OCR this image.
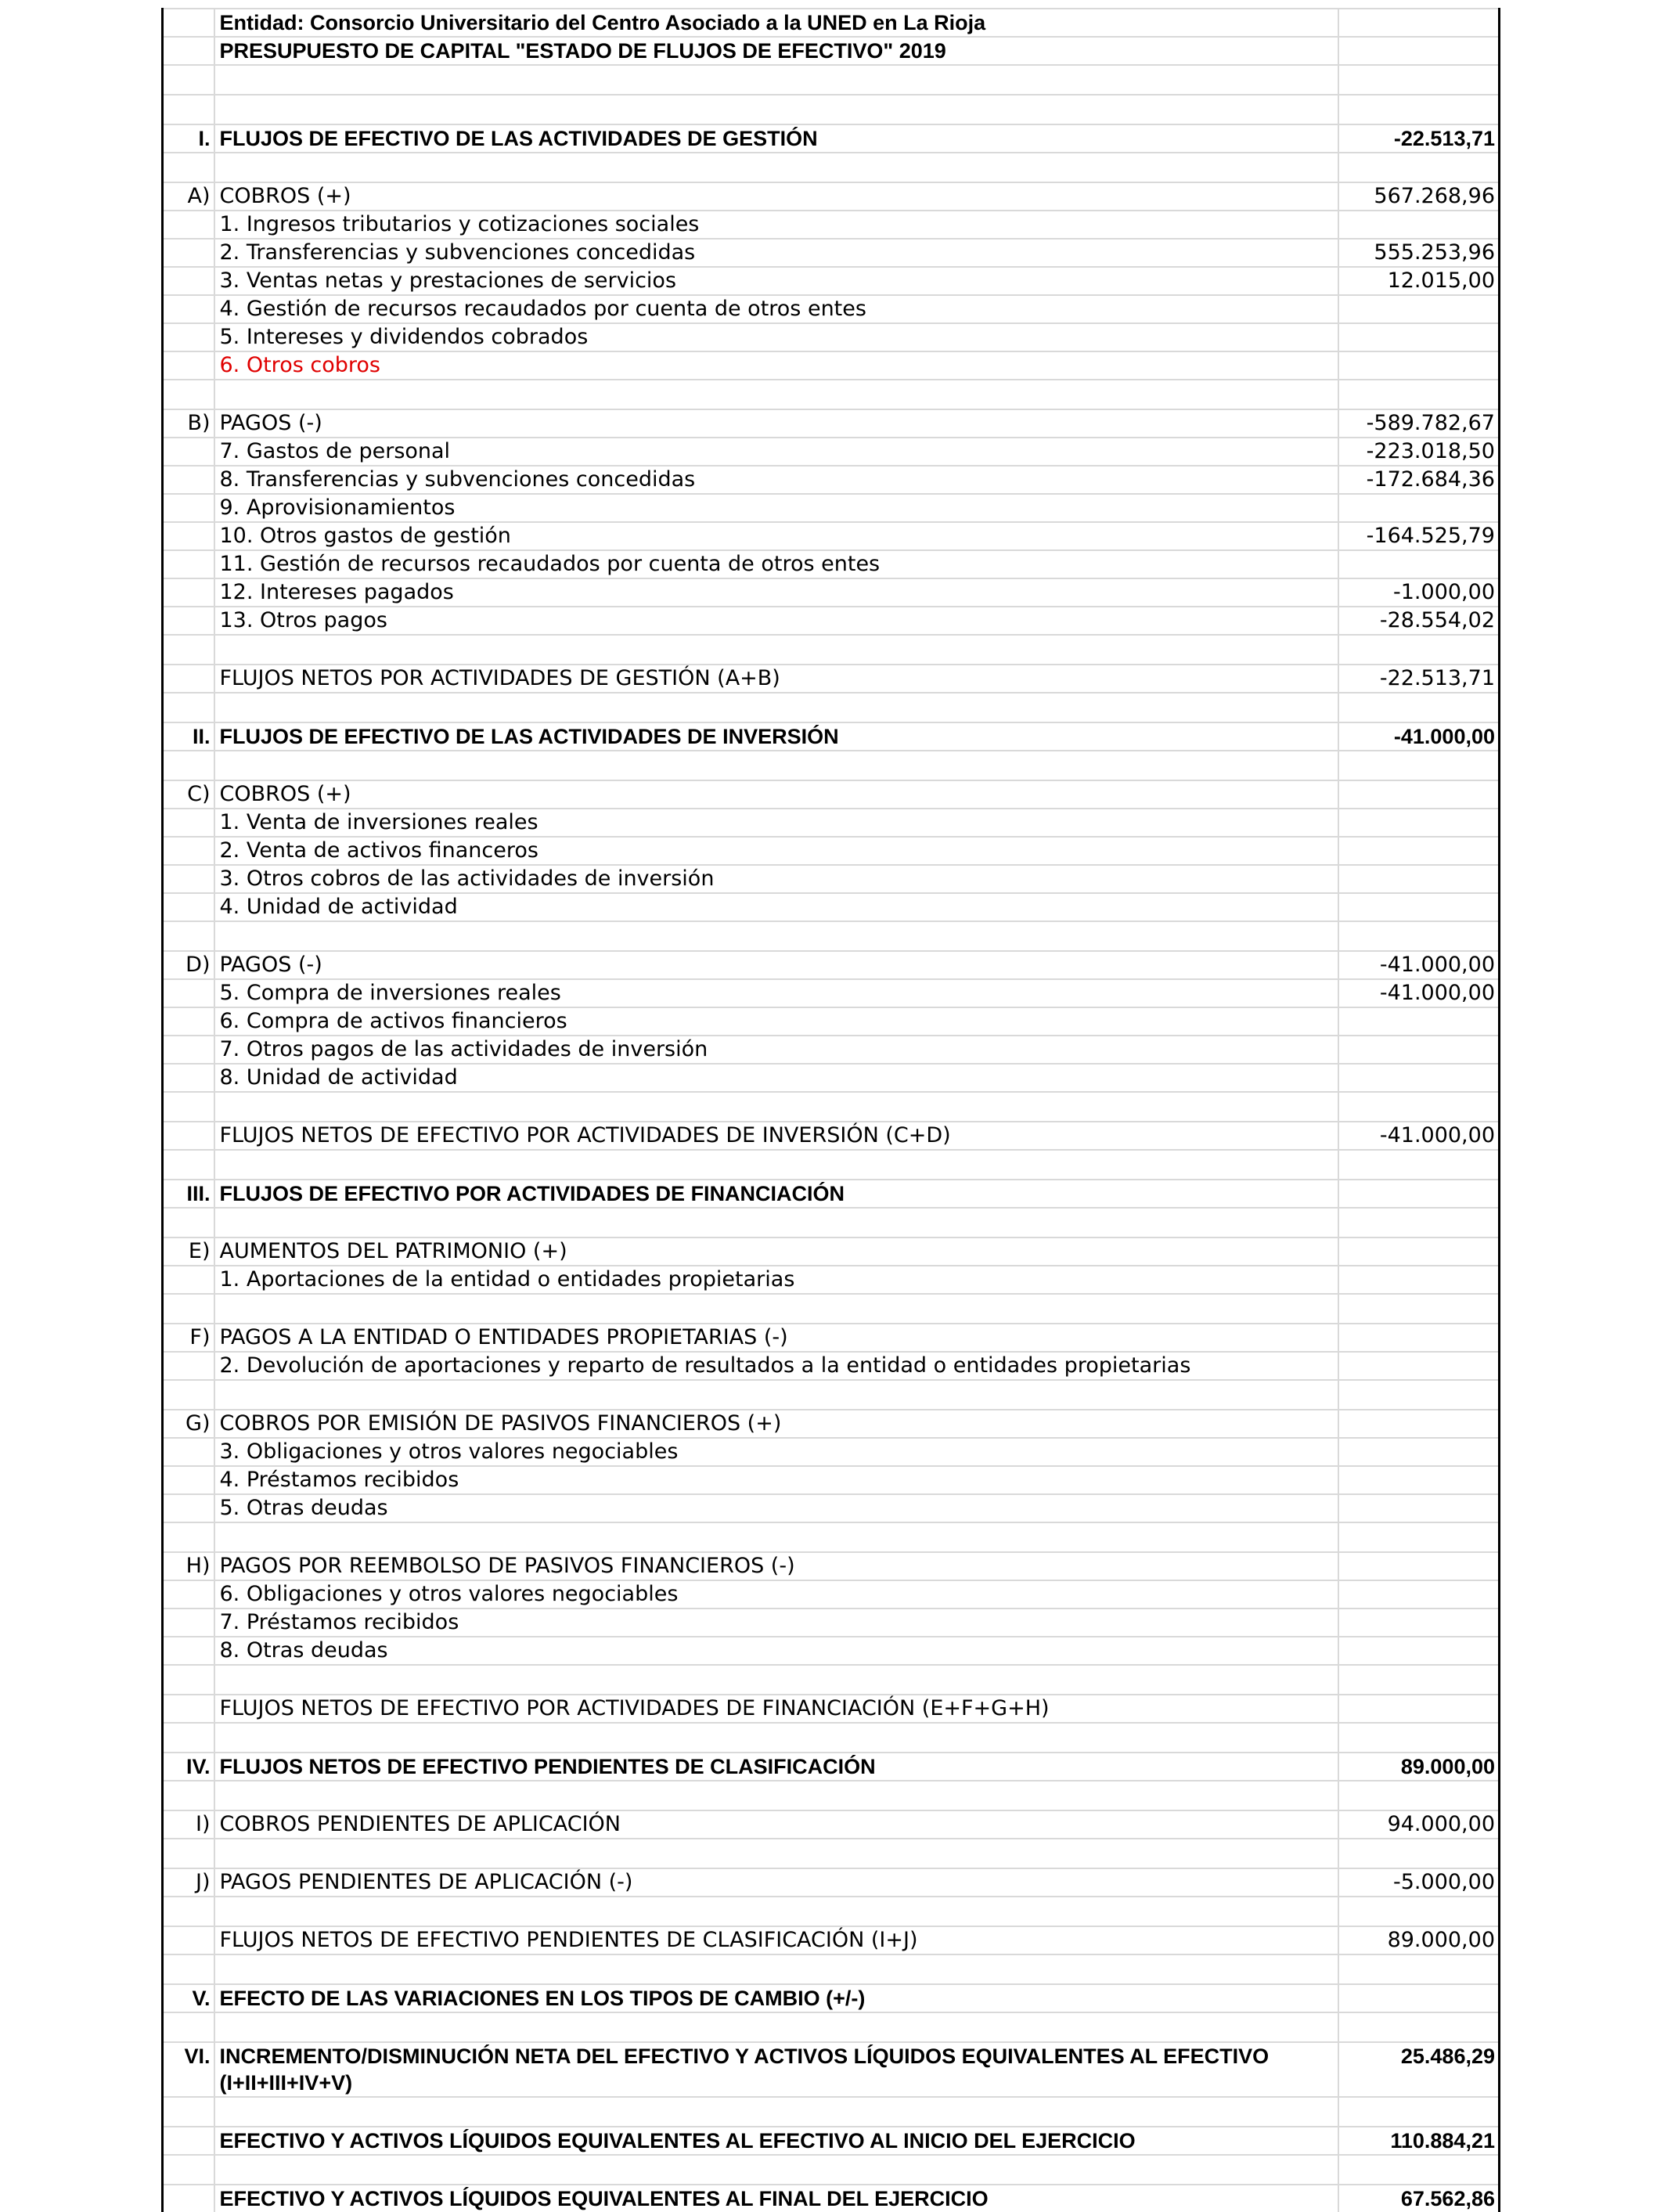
	Entidad: Consorcio Universitario del Centro Asociado a la UNED en La Rioja	
	PRESUPUESTO DE CAPITAL "ESTADO DE FLUJOS DE EFECTIVO" 2019	

I.	FLUJOS DE EFECTIVO DE LAS ACTIVIDADES DE GESTIÓN	-22.513,71

A)	COBROS (+)	567.268,96
	1. Ingresos tributarios y cotizaciones sociales	
	2. Transferencias y subvenciones concedidas	555.253,96
	3. Ventas netas y prestaciones de servicios	12.015,00
	4. Gestión de recursos recaudados por cuenta de otros entes	
	5. Intereses y dividendos cobrados	
	6. Otros cobros	

B)	PAGOS (-)	-589.782,67
	7. Gastos de personal	-223.018,50
	8. Transferencias y subvenciones concedidas	-172.684,36
	9. Aprovisionamientos	
	10. Otros gastos de gestión	-164.525,79
	11. Gestión de recursos recaudados por cuenta de otros entes	
	12. Intereses pagados	-1.000,00
	13. Otros pagos	-28.554,02

	FLUJOS NETOS POR ACTIVIDADES DE GESTIÓN (A+B)	-22.513,71

II.	FLUJOS DE EFECTIVO DE LAS ACTIVIDADES DE INVERSIÓN	-41.000,00

C)	COBROS (+)	
	1. Venta de inversiones reales	
	2. Venta de activos financeros	
	3. Otros cobros de las actividades de inversión	
	4. Unidad de actividad	

D)	PAGOS (-)	-41.000,00
	5. Compra de inversiones reales	-41.000,00
	6. Compra de activos financieros	
	7. Otros pagos de las actividades de inversión	
	8. Unidad de actividad	

	FLUJOS NETOS DE EFECTIVO POR ACTIVIDADES DE INVERSIÓN (C+D)	-41.000,00

III.	FLUJOS DE EFECTIVO POR ACTIVIDADES DE FINANCIACIÓN	

E)	AUMENTOS DEL PATRIMONIO (+)	
	1. Aportaciones de la entidad o entidades propietarias	

F)	PAGOS A LA ENTIDAD O ENTIDADES PROPIETARIAS (-)	
	2. Devolución de aportaciones y reparto de resultados a la entidad o entidades propietarias	

G)	COBROS POR EMISIÓN DE PASIVOS FINANCIEROS (+)	
	3. Obligaciones y otros valores negociables	
	4. Préstamos recibidos	
	5. Otras deudas	

H)	PAGOS POR REEMBOLSO DE PASIVOS FINANCIEROS (-)	
	6. Obligaciones y otros valores negociables	
	7. Préstamos recibidos	
	8. Otras deudas	

	FLUJOS NETOS DE EFECTIVO POR ACTIVIDADES DE FINANCIACIÓN (E+F+G+H)	

IV.	FLUJOS NETOS DE EFECTIVO PENDIENTES DE CLASIFICACIÓN	89.000,00

I)	COBROS PENDIENTES DE APLICACIÓN	94.000,00

J)	PAGOS PENDIENTES DE APLICACIÓN (-)	-5.000,00

	FLUJOS NETOS DE EFECTIVO PENDIENTES DE CLASIFICACIÓN (I+J)	89.000,00

V.	EFECTO DE LAS VARIACIONES EN LOS TIPOS DE CAMBIO (+/-)	

VI.	INCREMENTO/DISMINUCIÓN NETA DEL EFECTIVO Y ACTIVOS LÍQUIDOS EQUIVALENTES AL EFECTIVO (I+II+III+IV+V)	25.486,29

	EFECTIVO Y ACTIVOS LÍQUIDOS EQUIVALENTES AL EFECTIVO AL INICIO DEL EJERCICIO	110.884,21

	EFECTIVO Y ACTIVOS LÍQUIDOS EQUIVALENTES AL FINAL DEL EJERCICIO	67.562,86
